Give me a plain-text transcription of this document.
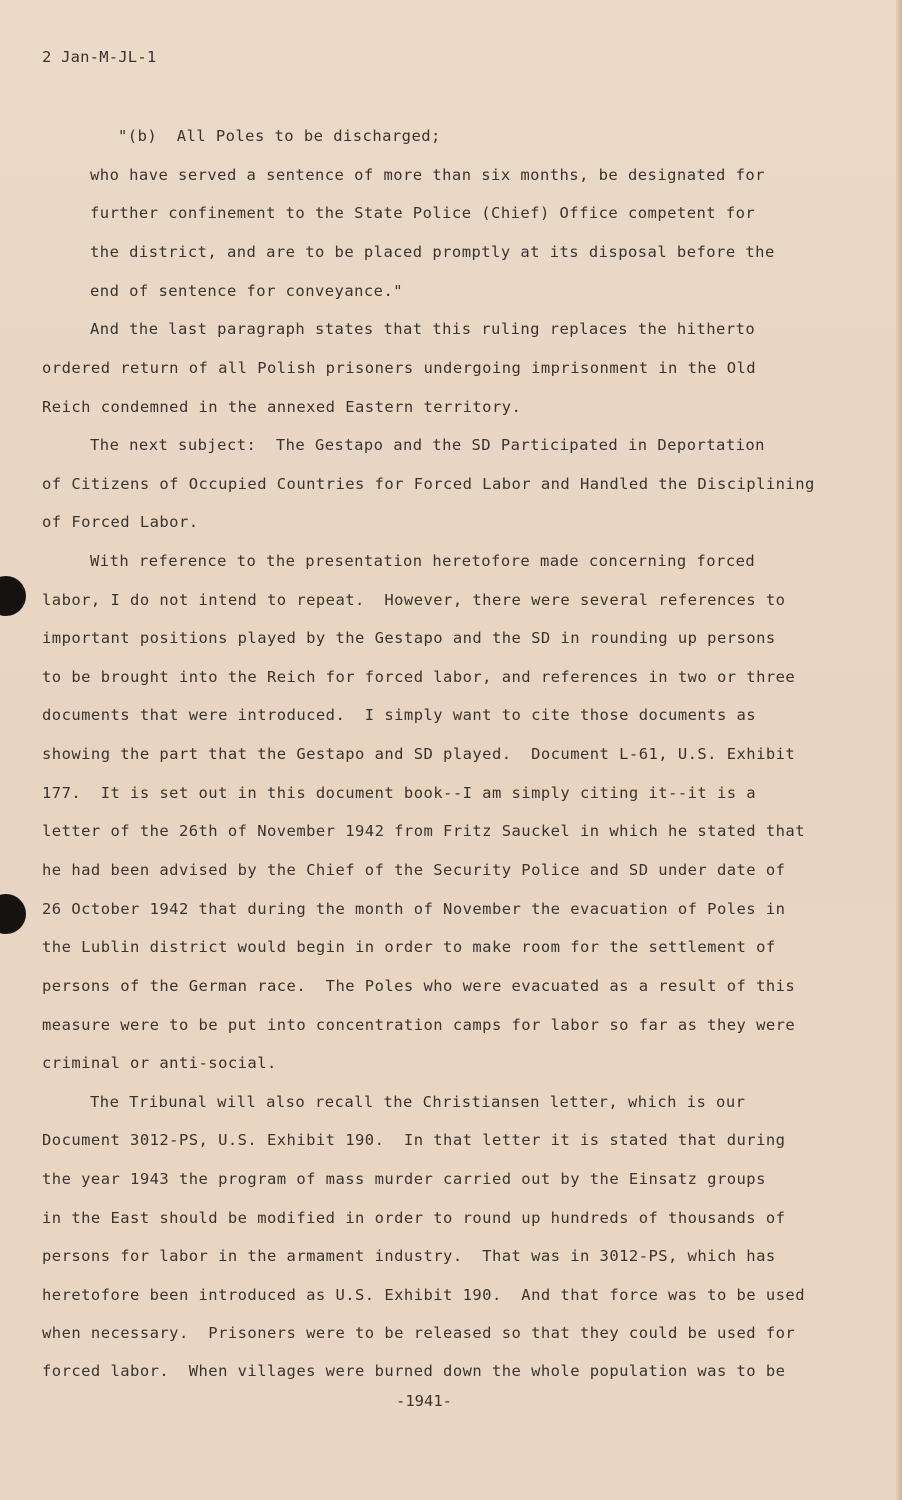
2 Jan-M-JL-1
"(b)  All Poles to be discharged;
who have served a sentence of more than six months, be designated for
further confinement to the State Police (Chief) Office competent for
the district, and are to be placed promptly at its disposal before the
end of sentence for conveyance."
And the last paragraph states that this ruling replaces the hitherto
ordered return of all Polish prisoners undergoing imprisonment in the Old
Reich condemned in the annexed Eastern territory.
The next subject:  The Gestapo and the SD Participated in Deportation
of Citizens of Occupied Countries for Forced Labor and Handled the Disciplining
of Forced Labor.
With reference to the presentation heretofore made concerning forced
labor, I do not intend to repeat.  However, there were several references to
important positions played by the Gestapo and the SD in rounding up persons
to be brought into the Reich for forced labor, and references in two or three
documents that were introduced.  I simply want to cite those documents as
showing the part that the Gestapo and SD played.  Document L-61, U.S. Exhibit
177.  It is set out in this document book--I am simply citing it--it is a
letter of the 26th of November 1942 from Fritz Sauckel in which he stated that
he had been advised by the Chief of the Security Police and SD under date of
26 October 1942 that during the month of November the evacuation of Poles in
the Lublin district would begin in order to make room for the settlement of
persons of the German race.  The Poles who were evacuated as a result of this
measure were to be put into concentration camps for labor so far as they were
criminal or anti-social.
The Tribunal will also recall the Christiansen letter, which is our
Document 3012-PS, U.S. Exhibit 190.  In that letter it is stated that during
the year 1943 the program of mass murder carried out by the Einsatz groups
in the East should be modified in order to round up hundreds of thousands of
persons for labor in the armament industry.  That was in 3012-PS, which has
heretofore been introduced as U.S. Exhibit 190.  And that force was to be used
when necessary.  Prisoners were to be released so that they could be used for
forced labor.  When villages were burned down the whole population was to be
-1941-
